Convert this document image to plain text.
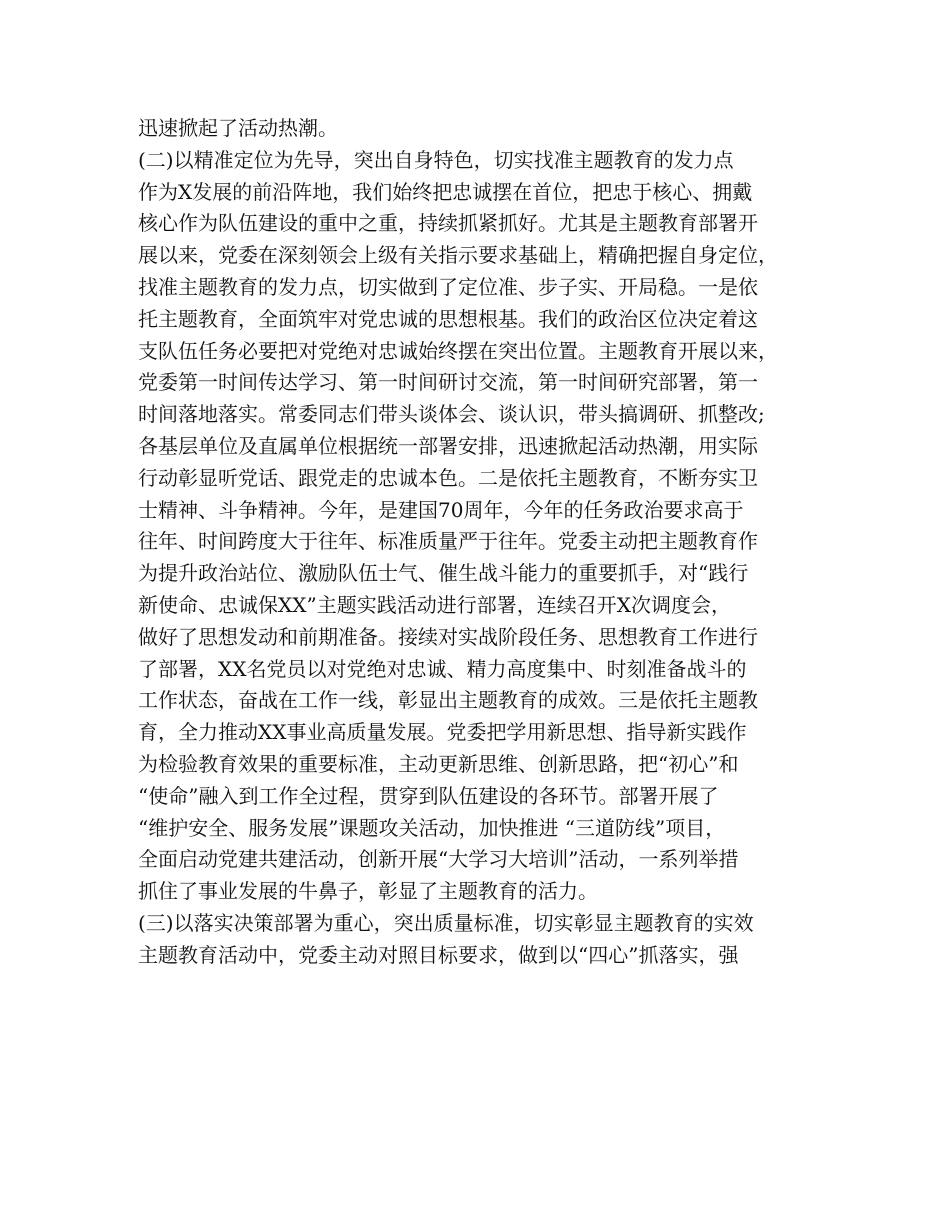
迅速掀起了活动热潮。
(二)以精准定位为先导，突出自身特色，切实找准主题教育的发力点
作为X发展的前沿阵地，我们始终把忠诚摆在首位，把忠于核心、拥戴
核心作为队伍建设的重中之重，持续抓紧抓好。尤其是主题教育部署开
展以来，党委在深刻领会上级有关指示要求基础上，精确把握自身定位，
找准主题教育的发力点，切实做到了定位准、步子实、开局稳。一是依
托主题教育，全面筑牢对党忠诚的思想根基。我们的政治区位决定着这
支队伍任务必要把对党绝对忠诚始终摆在突出位置。主题教育开展以来，
党委第一时间传达学习、第一时间研讨交流，第一时间研究部署，第一
时间落地落实。常委同志们带头谈体会、谈认识，带头搞调研、抓整改;
各基层单位及直属单位根据统一部署安排，迅速掀起活动热潮，用实际
行动彰显听党话、跟党走的忠诚本色。二是依托主题教育，不断夯实卫
士精神、斗争精神。今年，是建国70周年，今年的任务政治要求高于
往年、时间跨度大于往年、标准质量严于往年。党委主动把主题教育作
为提升政治站位、激励队伍士气、催生战斗能力的重要抓手，对“践行
新使命、忠诚保XX”主题实践活动进行部署，连续召开X次调度会，
做好了思想发动和前期准备。接续对实战阶段任务、思想教育工作进行
了部署，XX名党员以对党绝对忠诚、精力高度集中、时刻准备战斗的
工作状态，奋战在工作一线，彰显出主题教育的成效。三是依托主题教
育，全力推动XX事业高质量发展。党委把学用新思想、指导新实践作
为检验教育效果的重要标准，主动更新思维、创新思路，把“初心”和
“使命”融入到工作全过程，贯穿到队伍建设的各环节。部署开展了
“维护安全、服务发展”课题攻关活动，加快推进 “三道防线”项目，
全面启动党建共建活动，创新开展“大学习大培训”活动，一系列举措
抓住了事业发展的牛鼻子，彰显了主题教育的活力。
(三)以落实决策部署为重心，突出质量标准，切实彰显主题教育的实效
主题教育活动中，党委主动对照目标要求，做到以“四心”抓落实，强
